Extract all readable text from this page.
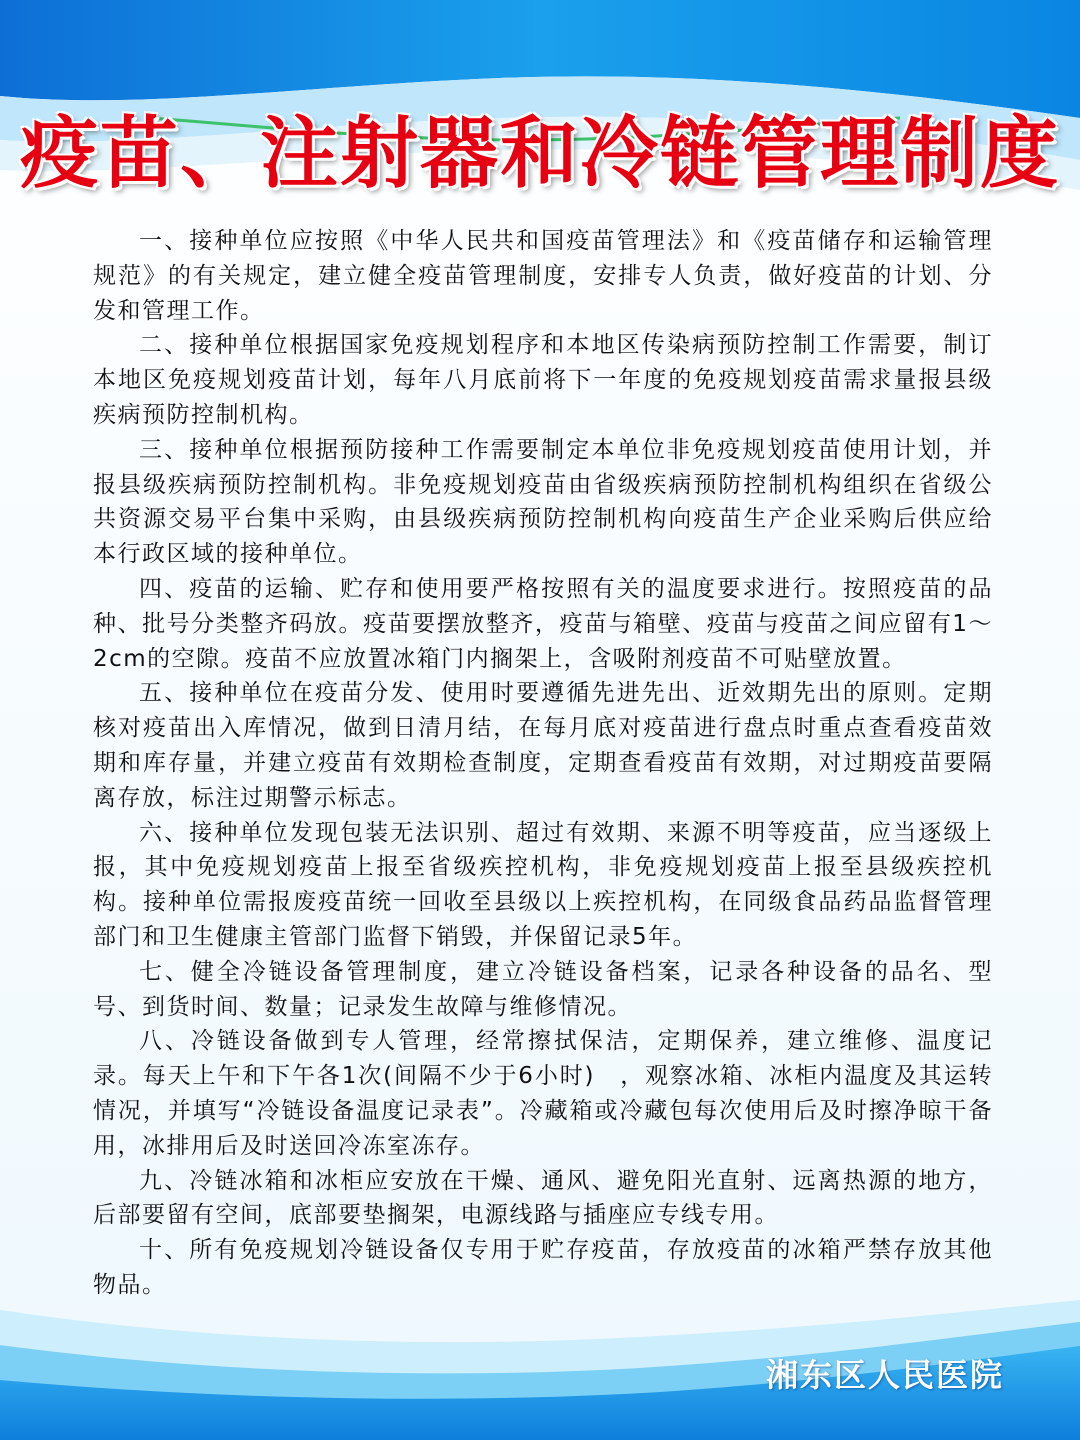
疫苗、注射器和冷链管理制度

一、接种单位应按照《中华人民共和国疫苗管理法》和《疫苗储存和运输管理规范》的有关规定，建立健全疫苗管理制度，安排专人负责，做好疫苗的计划、分发和管理工作。

二、接种单位根据国家免疫规划程序和本地区传染病预防控制工作需要，制订本地区免疫规划疫苗计划，每年八月底前将下一年度的免疫规划疫苗需求量报县级疾病预防控制机构。

三、接种单位根据预防接种工作需要制定本单位非免疫规划疫苗使用计划，并报县级疾病预防控制机构。非免疫规划疫苗由省级疾病预防控制机构组织在省级公共资源交易平台集中采购，由县级疾病预防控制机构向疫苗生产企业采购后供应给本行政区域的接种单位。

四、疫苗的运输、贮存和使用要严格按照有关的温度要求进行。按照疫苗的品种、批号分类整齐码放。疫苗要摆放整齐，疫苗与箱壁、疫苗与疫苗之间应留有1～2cm的空隙。疫苗不应放置冰箱门内搁架上，含吸附剂疫苗不可贴壁放置。

五、接种单位在疫苗分发、使用时要遵循先进先出、近效期先出的原则。定期核对疫苗出入库情况，做到日清月结，在每月底对疫苗进行盘点时重点查看疫苗效期和库存量，并建立疫苗有效期检查制度，定期查看疫苗有效期，对过期疫苗要隔离存放，标注过期警示标志。

六、接种单位发现包装无法识别、超过有效期、来源不明等疫苗，应当逐级上报，其中免疫规划疫苗上报至省级疾控机构，非免疫规划疫苗上报至县级疾控机构。接种单位需报废疫苗统一回收至县级以上疾控机构，在同级食品药品监督管理部门和卫生健康主管部门监督下销毁，并保留记录5年。

七、健全冷链设备管理制度，建立冷链设备档案，记录各种设备的品名、型号、到货时间、数量；记录发生故障与维修情况。

八、冷链设备做到专人管理，经常擦拭保洁，定期保养，建立维修、温度记录。每天上午和下午各1次(间隔不少于6小时)　，观察冰箱、冰柜内温度及其运转情况，并填写“冷链设备温度记录表”。冷藏箱或冷藏包每次使用后及时擦净晾干备用，冰排用后及时送回冷冻室冻存。

九、冷链冰箱和冰柜应安放在干燥、通风、避免阳光直射、远离热源的地方，后部要留有空间，底部要垫搁架，电源线路与插座应专线专用。

十、所有免疫规划冷链设备仅专用于贮存疫苗，存放疫苗的冰箱严禁存放其他物品。

湘东区人民医院
